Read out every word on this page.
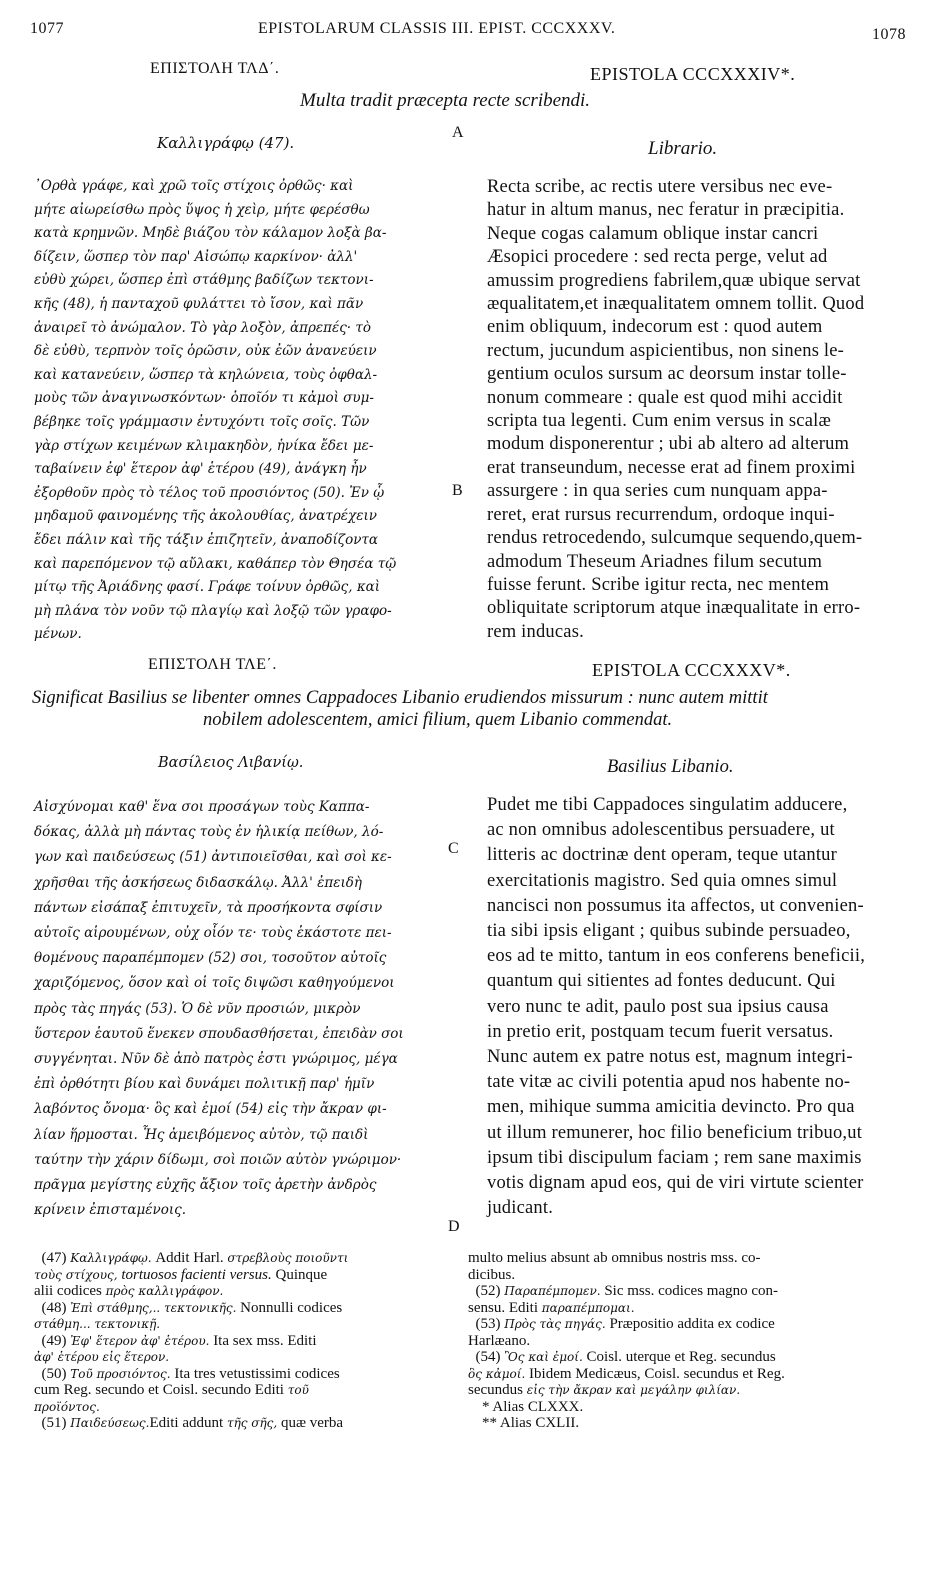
1077	EPISTOLARUM CLASSIS III. EPIST. CCCXXXV.	1078
ΕΠΙΣΤΟΛΗ ΤΛΔ΄.	EPISTOLA CCCXXXIV*.
Multa tradit præcepta recte scribendi.
Καλλιγράφῳ (47).
A
Librario.
᾿Ορθὰ γράφε, καὶ χρῶ τοῖς στίχοις ὀρθῶς· καὶ
μήτε αἰωρείσθω πρὸς ὕψος ἡ χεὶρ, μήτε φερέσθω
κατὰ κρημνῶν. Μηδὲ βιάζου τὸν κάλαμον λοξὰ βα-
δίζειν, ὥσπερ τὸν παρ' Αἰσώπῳ καρκίνον· ἀλλ'
εὐθὺ χώρει, ὥσπερ ἐπὶ στάθμης βαδίζων τεκτονι-
κῆς (48), ἡ πανταχοῦ φυλάττει τὸ ἴσον, καὶ πᾶν
ἀναιρεῖ τὸ ἀνώμαλον. Τὸ γὰρ λοξὸν, ἀπρεπές· τὸ
δὲ εὐθὺ, τερπνὸν τοῖς ὁρῶσιν, οὐκ ἐῶν ἀνανεύειν
καὶ κατανεύειν, ὥσπερ τὰ κηλώνεια, τοὺς ὀφθαλ-
μοὺς τῶν ἀναγινωσκόντων· ὁποῖόν τι κἀμοὶ συμ-
βέβηκε τοῖς γράμμασιν ἐντυχόντι τοῖς σοῖς. Τῶν
γὰρ στίχων κειμένων κλιμακηδὸν, ἡνίκα ἔδει με-
ταβαίνειν ἐφ' ἕτερον ἀφ' ἑτέρου (49), ἀνάγκη ἦν
ἐξορθοῦν πρὸς τὸ τέλος τοῦ προσιόντος (50). Ἐν ᾧ
μηδαμοῦ φαινομένης τῆς ἀκολουθίας, ἀνατρέχειν
ἔδει πάλιν καὶ τῆς τάξιν ἐπιζητεῖν, ἀναποδίζοντα
καὶ παρεπόμενον τῷ αὔλακι, καθάπερ τὸν Θησέα τῷ
μίτῳ τῆς Ἀριάδνης φασί. Γράφε τοίνυν ὀρθῶς, καὶ
μὴ πλάνα τὸν νοῦν τῷ πλαγίῳ καὶ λοξῷ τῶν γραφο-
μένων.
B
Recta scribe, ac rectis utere versibus nec eve-
hatur in altum manus, nec feratur in præcipitia.
Neque cogas calamum oblique instar cancri
Æsopici procedere : sed recta perge, velut ad
amussim progrediens fabrilem,quæ ubique servat
æqualitatem,et inæqualitatem omnem tollit. Quod
enim obliquum, indecorum est : quod autem
rectum, jucundum aspicientibus, non sinens le-
gentium oculos sursum ac deorsum instar tolle-
nonum commeare : quale est quod mihi accidit
scripta tua legenti. Cum enim versus in scalæ
modum disponerentur ; ubi ab altero ad alterum
erat transeundum, necesse erat ad finem proximi
assurgere : in qua series cum nunquam appa-
reret, erat rursus recurrendum, ordoque inqui-
rendus retrocedendo, sulcumque sequendo,quem-
admodum Theseum Ariadnes filum secutum
fuisse ferunt. Scribe igitur recta, nec mentem
obliquitate scriptorum atque inæqualitate in erro-
rem inducas.
ΕΠΙΣΤΟΛΗ ΤΛΕ΄.	EPISTOLA CCCXXXV*.
Significat Basilius se libenter omnes Cappadoces Libanio erudiendos missurum : nunc autem mittit
nobilem adolescentem, amici filium, quem Libanio commendat.
Βασίλειος Λιβανίῳ.	Basilius Libanio.
Αἰσχύνομαι καθ' ἕνα σοι προσάγων τοὺς Καππα-
δόκας, ἀλλὰ μὴ πάντας τοὺς ἐν ἡλικίᾳ πείθων, λό-
γων καὶ παιδεύσεως (51) ἀντιποιεῖσθαι, καὶ σοὶ κε-
χρῆσθαι τῆς ἀσκήσεως διδασκάλῳ. Ἀλλ' ἐπειδὴ
πάντων εἰσάπαξ ἐπιτυχεῖν, τὰ προσήκοντα σφίσιν
αὐτοῖς αἱρουμένων, οὐχ οἷόν τε· τοὺς ἑκάστοτε πει-
θομένους παραπέμπομεν (52) σοι, τοσοῦτον αὐτοῖς
χαριζόμενος, ὅσον καὶ οἱ τοῖς διψῶσι καθηγούμενοι
πρὸς τὰς πηγάς (53). Ὁ δὲ νῦν προσιών, μικρὸν
ὕστερον ἑαυτοῦ ἕνεκεν σπουδασθήσεται, ἐπειδὰν σοι
συγγένηται. Νῦν δὲ ἀπὸ πατρὸς ἐστι γνώριμος, μέγα
ἐπὶ ὀρθότητι βίου καὶ δυνάμει πολιτικῇ παρ' ἡμῖν
λαβόντος ὄνομα· ὃς καὶ ἐμοί (54) εἰς τὴν ἄκραν φι-
λίαν ἥρμοσται. Ἧς ἀμειβόμενος αὐτὸν, τῷ παιδὶ
ταύτην τὴν χάριν δίδωμι, σοὶ ποιῶν αὐτὸν γνώριμον·
πρᾶγμα μεγίστης εὐχῆς ἄξιον τοῖς ἀρετὴν ἀνδρὸς
κρίνειν ἐπισταμένοις.
C
Pudet me tibi Cappadoces singulatim adducere,
ac non omnibus adolescentibus persuadere, ut
litteris ac doctrinæ dent operam, teque utantur
exercitationis magistro. Sed quia omnes simul
nancisci non possumus ita affectos, ut convenien-
tia sibi ipsis eligant ; quibus subinde persuadeo,
eos ad te mitto, tantum in eos conferens beneficii,
quantum qui sitientes ad fontes deducunt. Qui
vero nunc te adit, paulo post sua ipsius causa
in pretio erit, postquam tecum fuerit versatus.
Nunc autem ex patre notus est, magnum integri-
tate vitæ ac civili potentia apud nos habente no-
men, mihique summa amicitia devincto. Pro qua
ut illum remunerer, hoc filio beneficium tribuo,ut
ipsum tibi discipulum faciam ; rem sane maximis
votis dignam apud eos, qui de viri virtute scienter
judicant.
D
(47) Καλλιγράφῳ. Addit Harl. στρεβλοὺς ποιοῦντι
τοὺς στίχους, tortuosos facienti versus. Quinque
alii codices πρὸς καλλιγράφον.
(48) Ἐπὶ στάθμης,.. τεκτονικῆς. Nonnulli codices
στάθμη... τεκτονικῇ.
(49) Ἐφ' ἕτερον ἀφ' ἑτέρου. Ita sex mss. Editi
ἀφ' ἑτέρου εἰς ἕτερον.
(50) Τοῦ προσιόντος. Ita tres vetustissimi codices
cum Reg. secundo et Coisl. secundo Editi τοῦ
προϊόντος.
(51) Παιδεύσεως.Editi addunt τῆς σῆς, quæ verba
multo melius absunt ab omnibus nostris mss. co-
dicibus.
(52) Παραπέμπομεν. Sic mss. codices magno con-
sensu. Editi παραπέμπομαι.
(53) Πρὸς τὰς πηγάς. Præpositio addita ex codice
Harlæano.
(54) Ὃς καὶ ἐμοί. Coisl. uterque et Reg. secundus
ὃς κἀμοί. Ibidem Medicæus, Coisl. secundus et Reg.
secundus εἰς τὴν ἄκραν καὶ μεγάλην φιλίαν.
* Alias CLXXX.
** Alias CXLII.
